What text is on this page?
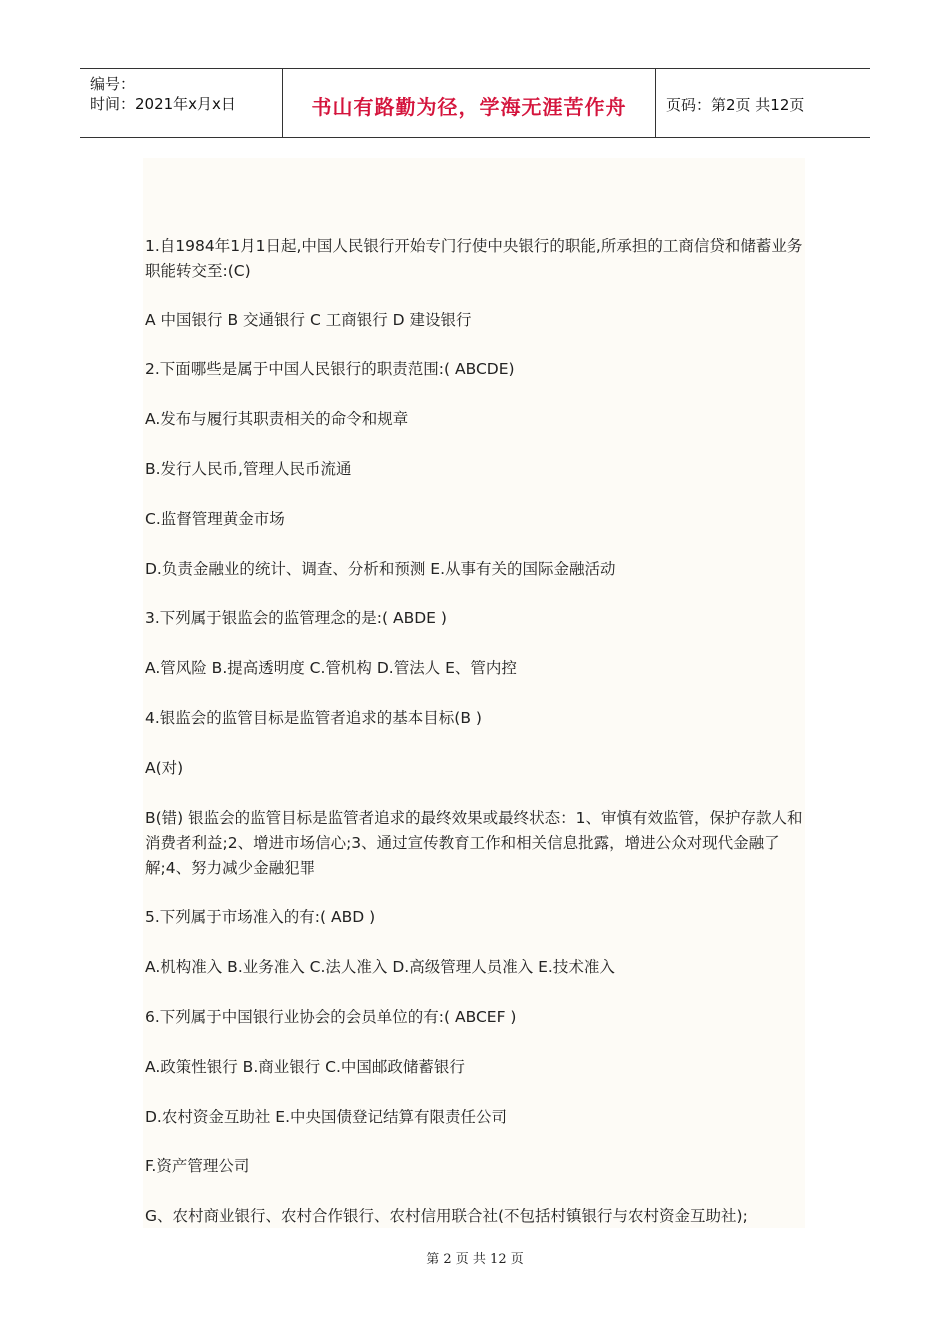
编号：
时间：2021年x月x日	书山有路勤为径，学海无涯苦作舟	页码：第2页 共12页

1.自1984年1月1日起,中国人民银行开始专门行使中央银行的职能,所承担的工商信贷和储蓄业务职能转交至:(C)

A 中国银行 B 交通银行 C 工商银行 D 建设银行

2.下面哪些是属于中国人民银行的职责范围:( ABCDE)

A.发布与履行其职责相关的命令和规章

B.发行人民币,管理人民币流通

C.监督管理黄金市场

D.负责金融业的统计、调查、分析和预测 E.从事有关的国际金融活动

3.下列属于银监会的监管理念的是:( ABDE )

A.管风险 B.提高透明度 C.管机构 D.管法人 E、管内控

4.银监会的监管目标是监管者追求的基本目标(B )

A(对)

B(错) 银监会的监管目标是监管者追求的最终效果或最终状态：1、审慎有效监管，保护存款人和消费者利益;2、增进市场信心;3、通过宣传教育工作和相关信息批露，增进公众对现代金融了解;4、努力减少金融犯罪

5.下列属于市场准入的有:( ABD )

A.机构准入 B.业务准入 C.法人准入 D.高级管理人员准入 E.技术准入

6.下列属于中国银行业协会的会员单位的有:( ABCEF )

A.政策性银行 B.商业银行 C.中国邮政储蓄银行

D.农村资金互助社 E.中央国债登记结算有限责任公司

F.资产管理公司

G、农村商业银行、农村合作银行、农村信用联合社(不包括村镇银行与农村资金互助社);

第 2 页 共 12 页
